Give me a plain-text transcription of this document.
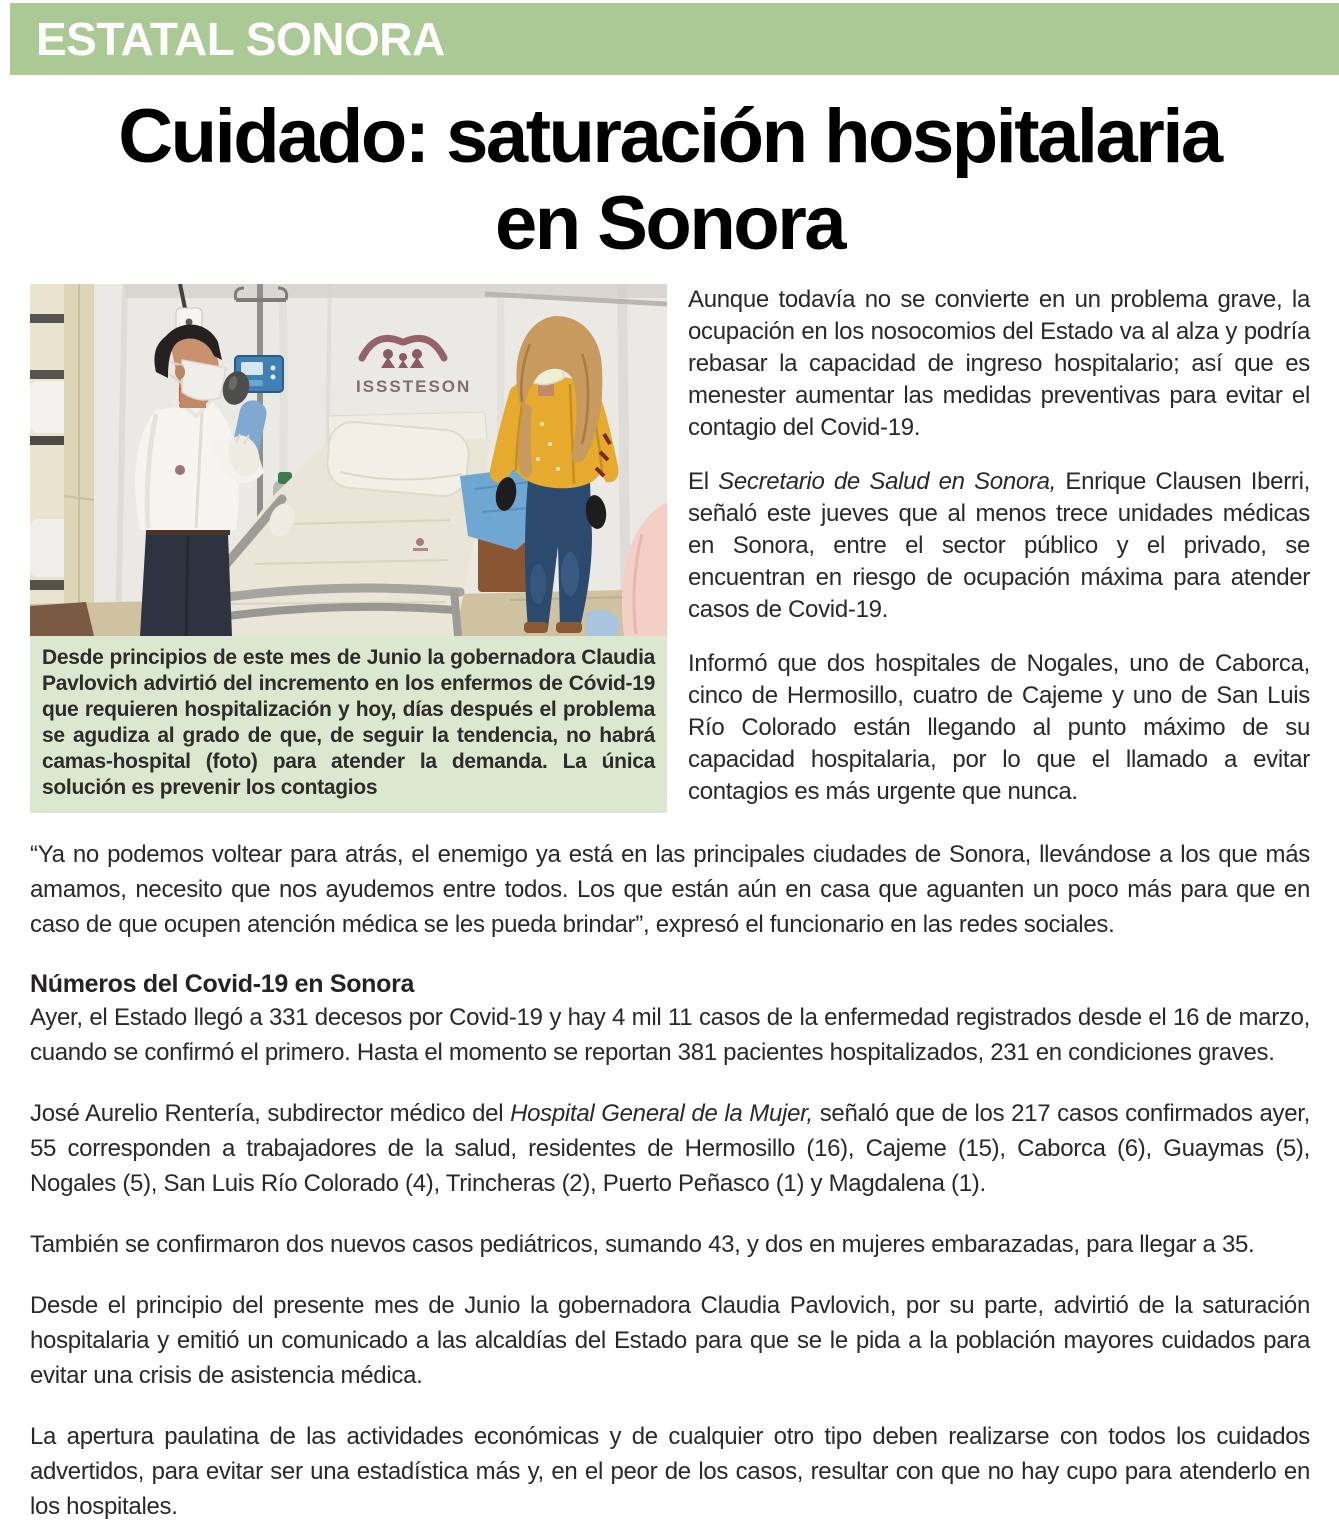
ESTATAL SONORA
Cuidado: saturación hospitalaria
en Sonora
ISSSTESON
Desde principios de este mes de Junio la gobernadora Claudia Pavlovich advirtió del incremento en los enfermos de Cóvid-19 que requieren hospitalización y hoy, días después el problema se agudiza al grado de que, de seguir la tendencia, no habrá camas-hospital (foto) para atender la demanda. La única solución es prevenir los contagios

Aunque todavía no se convierte en un problema grave, la ocupación en los nosocomios del Estado va al alza y podría rebasar la capacidad de ingreso hospitalario; así que es menester aumentar las medidas preventivas para evitar el contagio del Covid-19.

El Secretario de Salud en Sonora, Enrique Clausen Iberri, señaló este jueves que al menos trece unidades médicas en Sonora, entre el sector público y el privado, se encuentran en riesgo de ocupación máxima para atender casos de Covid-19.

Informó que dos hospitales de Nogales, uno de Caborca, cinco de Hermosillo, cuatro de Cajeme y uno de San Luis Río Colorado están llegando al punto máximo de su capacidad hospitalaria, por lo que el llamado a evitar contagios es más urgente que nunca.

“Ya no podemos voltear para atrás, el enemigo ya está en las principales ciudades de Sonora, llevándose a los que más amamos, necesito que nos ayudemos entre todos. Los que están aún en casa que aguanten un poco más para que en caso de que ocupen atención médica se les pueda brindar”, expresó el funcionario en las redes sociales.

Números del Covid-19 en Sonora

Ayer, el Estado llegó a 331 decesos por Covid-19 y hay 4 mil 11 casos de la enfermedad registrados desde el 16 de marzo, cuando se confirmó el primero. Hasta el momento se reportan 381 pacientes hospitalizados, 231 en condiciones graves.

José Aurelio Rentería, subdirector médico del Hospital General de la Mujer, señaló que de los 217 casos confirmados ayer, 55 corresponden a trabajadores de la salud, residentes de Hermosillo (16), Cajeme (15), Caborca (6), Guaymas (5), Nogales (5), San Luis Río Colorado (4), Trincheras (2), Puerto Peñasco (1) y Magdalena (1).

También se confirmaron dos nuevos casos pediátricos, sumando 43, y dos en mujeres embarazadas, para llegar a 35.

Desde el principio del presente mes de Junio la gobernadora Claudia Pavlovich, por su parte, advirtió de la saturación hospitalaria y emitió un comunicado a las alcaldías del Estado para que se le pida a la población mayores cuidados para evitar una crisis de asistencia médica.

La apertura paulatina de las actividades económicas y de cualquier otro tipo deben realizarse con todos los cuidados advertidos, para evitar ser una estadística más y, en el peor de los casos, resultar con que no hay cupo para atenderlo en los hospitales.
